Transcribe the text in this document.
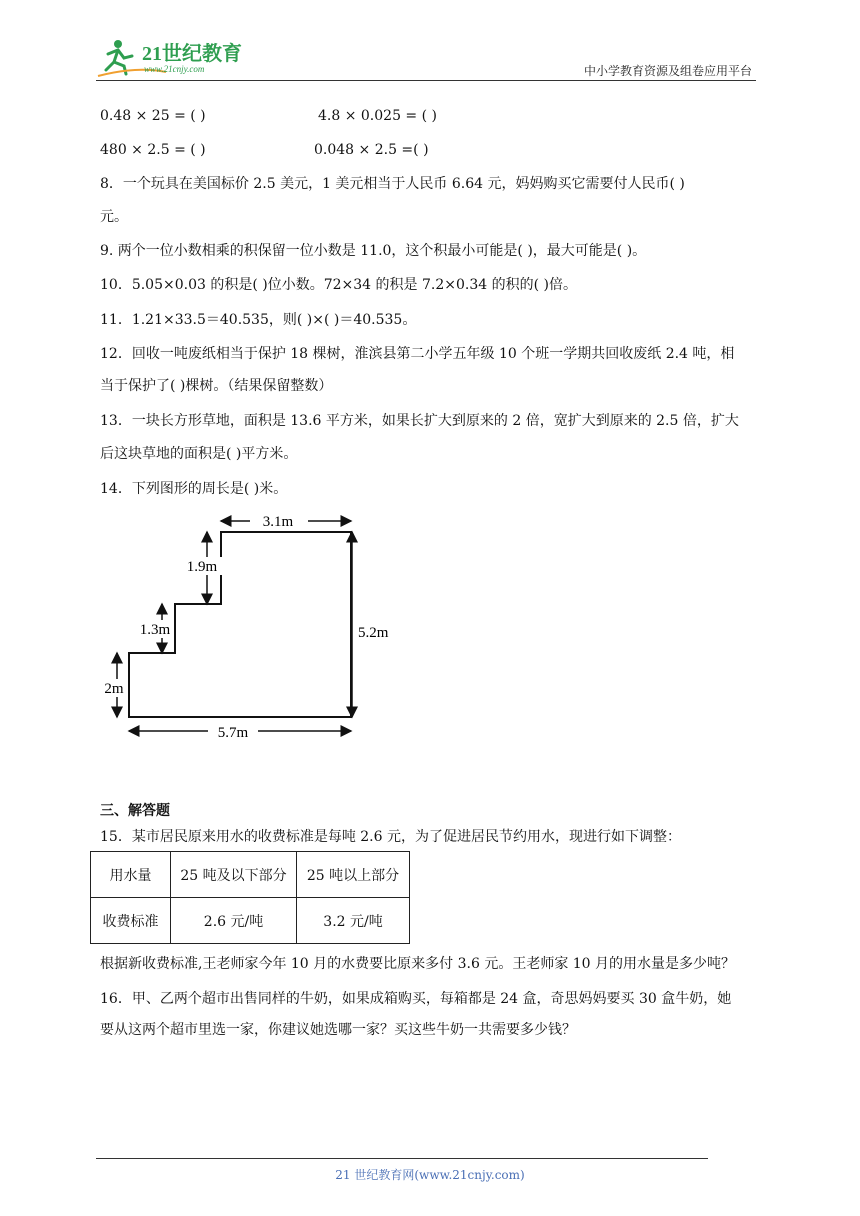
21世纪教育
www.21cnjy.com	中小学教育资源及组卷应用平台
0.48 × 25 = ( )	4.8 × 0.025 = ( )
480 × 2.5 = ( )	0.048 × 2.5 =( )
8．一个玩具在美国标价 2.5 美元，1 美元相当于人民币 6.64 元，妈妈购买它需要付人民币( )
元。
9. 两个一位小数相乘的积保留一位小数是 11.0，这个积最小可能是( )，最大可能是( )。
10．5.05×0.03 的积是( )位小数。72×34 的积是 7.2×0.34 的积的( )倍。
11．1.21×33.5＝40.535，则( )×( )＝40.535。
12．回收一吨废纸相当于保护 18 棵树，淮滨县第二小学五年级 10 个班一学期共回收废纸 2.4 吨，相
当于保护了( )棵树。（结果保留整数）
13．一块长方形草地，面积是 13.6 平方米，如果长扩大到原来的 2 倍，宽扩大到原来的 2.5 倍，扩大
后这块草地的面积是( )平方米。
14．下列图形的周长是( )米。
3.1m
1.9m
1.3m
2m
5.2m
5.7m
三、解答题
15．某市居民原来用水的收费标准是每吨 2.6 元，为了促进居民节约用水，现进行如下调整：
用水量	25 吨及以下部分	25 吨以上部分
收费标准	2.6 元/吨	3.2 元/吨
根据新收费标准,王老师家今年 10 月的水费要比原来多付 3.6 元。王老师家 10 月的用水量是多少吨？
16．甲、乙两个超市出售同样的牛奶，如果成箱购买，每箱都是 24 盒，奇思妈妈要买 30 盒牛奶，她
要从这两个超市里选一家，你建议她选哪一家？买这些牛奶一共需要多少钱？
21 世纪教育网(www.21cnjy.com)
